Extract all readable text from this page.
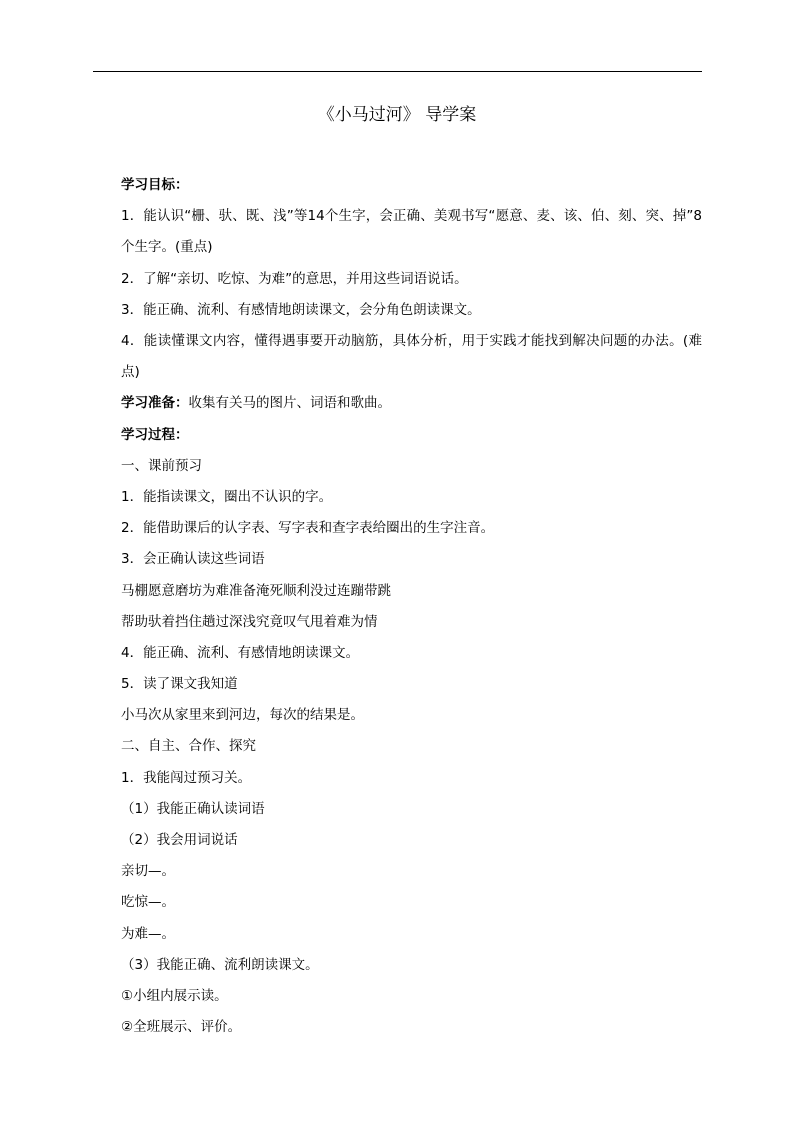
《小马过河》 导学案

学习目标：

1．能认识“栅、驮、既、浅”等14个生字，会正确、美观书写“愿意、麦、该、伯、刻、突、掉”8个生字。(重点)

2．了解“亲切、吃惊、为难”的意思，并用这些词语说话。

3．能正确、流利、有感情地朗读课文，会分角色朗读课文。

4．能读懂课文内容，懂得遇事要开动脑筋，具体分析，用于实践才能找到解决问题的办法。(难点)

学习准备：收集有关马的图片、词语和歌曲。

学习过程：

一、课前预习

1．能指读课文，圈出不认识的字。

2．能借助课后的认字表、写字表和查字表给圈出的生字注音。

3．会正确认读这些词语

马棚愿意磨坊为难准备淹死顺利没过连蹦带跳

帮助驮着挡住趟过深浅究竟叹气甩着难为情

4．能正确、流利、有感情地朗读课文。

5．读了课文我知道

小马次从家里来到河边，每次的结果是。

二、自主、合作、探究

1．我能闯过预习关。

（1）我能正确认读词语

（2）我会用词说话

亲切—。

吃惊—。

为难—。

（3）我能正确、流利朗读课文。

①小组内展示读。

②全班展示、评价。
